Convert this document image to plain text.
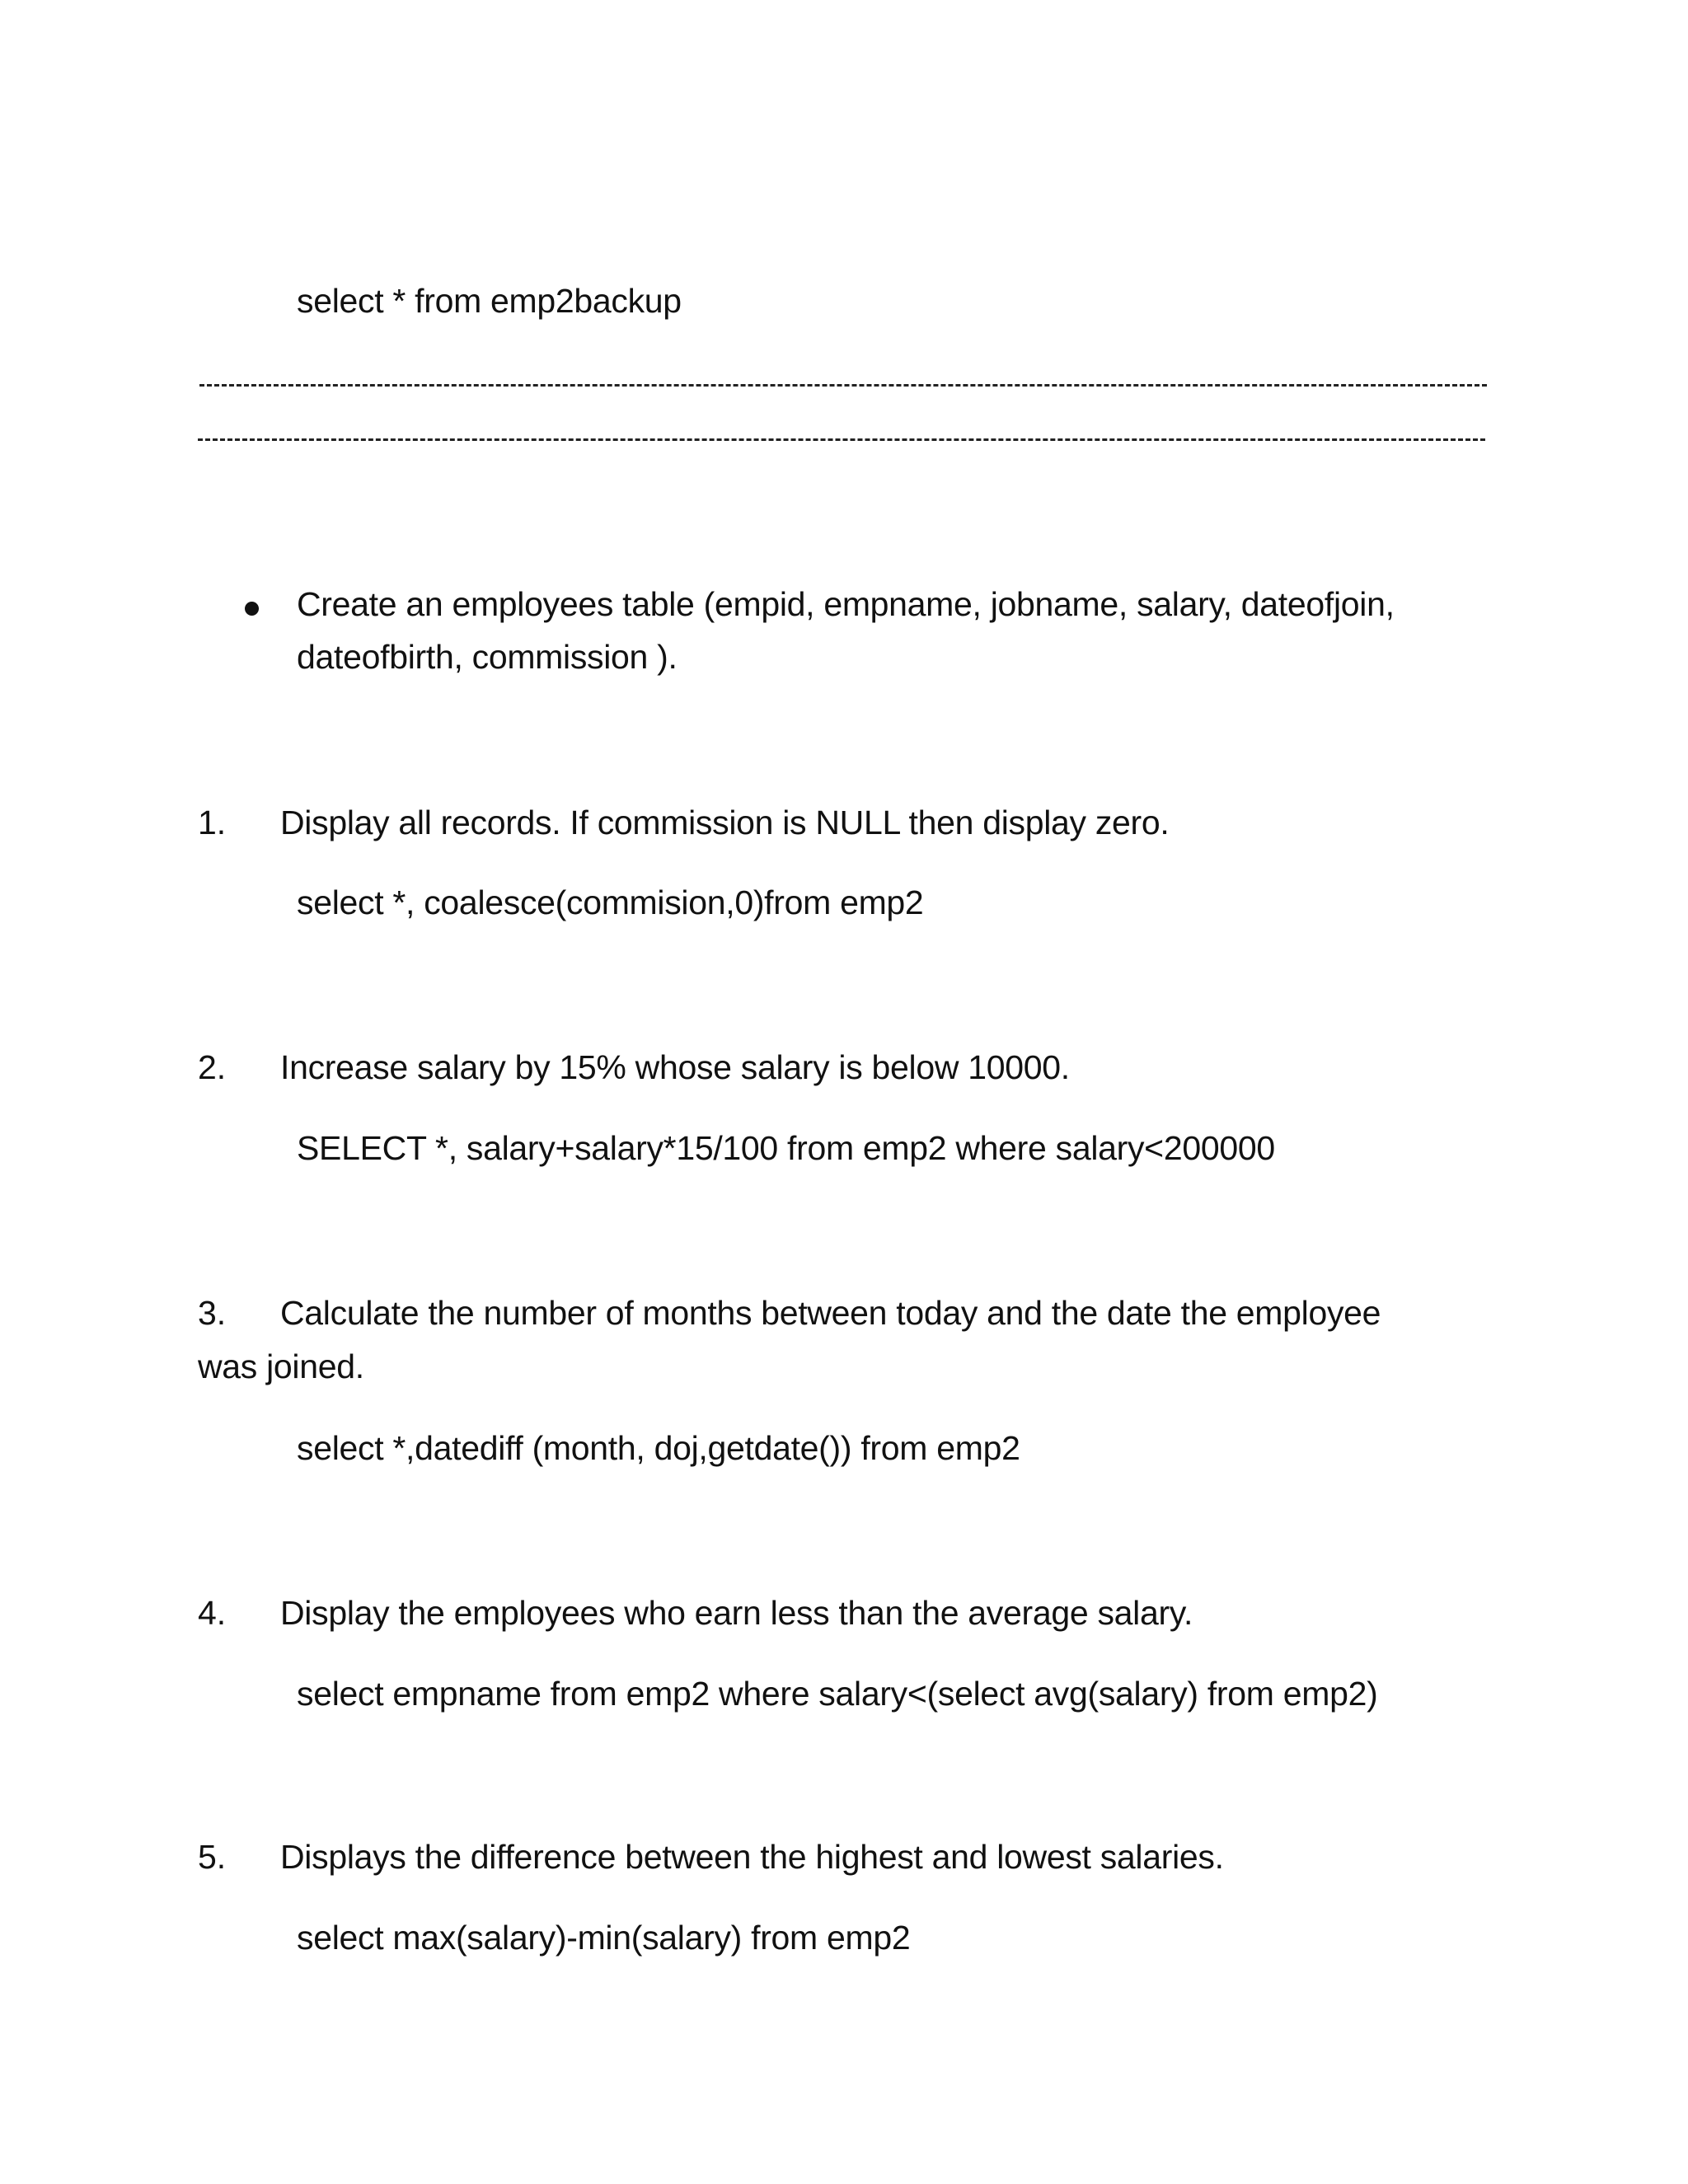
select * from emp2backup
Create an employees table (empid, empname, jobname, salary, dateofjoin,
dateofbirth, commission ).
1. Display all records. If commission is NULL then display zero.
select *, coalesce(commision,0)from emp2
2. Increase salary by 15% whose salary is below 10000.
SELECT *, salary+salary*15/100 from emp2 where salary<200000
3. Calculate the number of months between today and the date the employee
was joined.
select *,datediff (month, doj,getdate()) from emp2
4. Display the employees who earn less than the average salary.
select empname from emp2 where salary<(select avg(salary) from emp2)
5. Displays the difference between the highest and lowest salaries.
select max(salary)-min(salary) from emp2
